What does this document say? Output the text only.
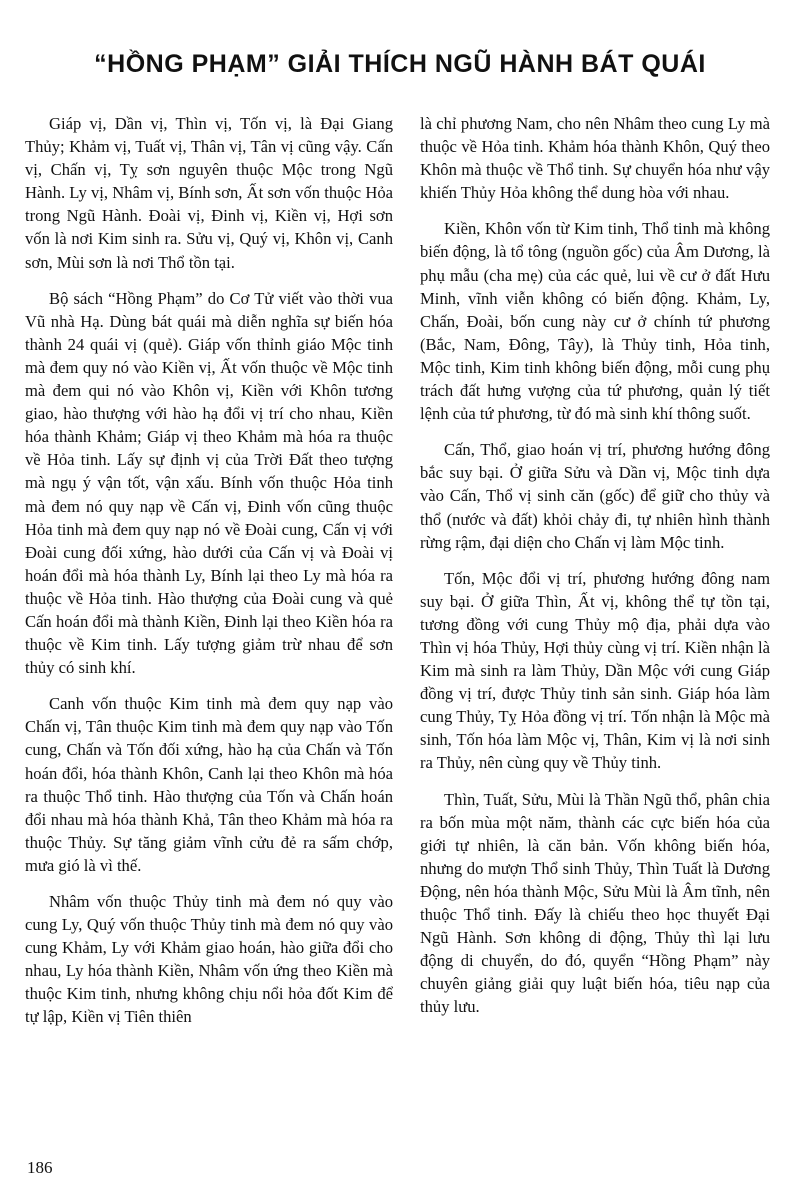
“HỒNG PHẠM” GIẢI THÍCH NGŨ HÀNH BÁT QUÁI

Giáp vị, Dần vị, Thìn vị, Tốn vị, là Đại Giang Thủy; Khảm vị, Tuất vị, Thân vị, Tân vị cũng vậy. Cấn vị, Chấn vị, Tỵ sơn nguyên thuộc Mộc trong Ngũ Hành. Ly vị, Nhâm vị, Bính sơn, Ất sơn vốn thuộc Hỏa trong Ngũ Hành. Đoài vị, Đinh vị, Kiền vị, Hợi sơn vốn là nơi Kim sinh ra. Sửu vị, Quý vị, Khôn vị, Canh sơn, Mùi sơn là nơi Thổ tồn tại.

Bộ sách “Hồng Phạm” do Cơ Tử viết vào thời vua Vũ nhà Hạ. Dùng bát quái mà diễn nghĩa sự biến hóa thành 24 quái vị (quẻ). Giáp vốn thỉnh giáo Mộc tinh mà đem quy nó vào Kiền vị, Ất vốn thuộc về Mộc tinh mà đem qui nó vào Khôn vị, Kiền với Khôn tương giao, hào thượng với hào hạ đổi vị trí cho nhau, Kiền hóa thành Khảm; Giáp vị theo Khảm mà hóa ra thuộc về Hỏa tinh. Lấy sự định vị của Trời Đất theo tượng mà ngụ ý vận tốt, vận xấu. Bính vốn thuộc Hỏa tinh mà đem nó quy nạp về Cấn vị, Đinh vốn cũng thuộc Hỏa tinh mà đem quy nạp nó về Đoài cung, Cấn vị với Đoài cung đối xứng, hào dưới của Cấn vị và Đoài vị hoán đổi mà hóa thành Ly, Bính lại theo Ly mà hóa ra thuộc về Hỏa tinh. Hào thượng của Đoài cung và quẻ Cấn hoán đổi mà thành Kiền, Đinh lại theo Kiền hóa ra thuộc về Kim tinh. Lấy tượng giảm trừ nhau để sơn thủy có sinh khí.

Canh vốn thuộc Kim tinh mà đem quy nạp vào Chấn vị, Tân thuộc Kim tinh mà đem quy nạp vào Tốn cung, Chấn và Tốn đối xứng, hào hạ của Chấn và Tốn hoán đổi, hóa thành Khôn, Canh lại theo Khôn mà hóa ra thuộc Thổ tinh. Hào thượng của Tốn và Chấn hoán đổi nhau mà hóa thành Khả, Tân theo Khảm mà hóa ra thuộc Thủy. Sự tăng giảm vĩnh cửu đẻ ra sấm chớp, mưa gió là vì thế.

Nhâm vốn thuộc Thủy tinh mà đem nó quy vào cung Ly, Quý vốn thuộc Thủy tinh mà đem nó quy vào cung Khảm, Ly với Khảm giao hoán, hào giữa đổi cho nhau, Ly hóa thành Kiền, Nhâm vốn ứng theo Kiền mà thuộc Kim tinh, nhưng không chịu nổi hỏa đốt Kim để tự lập, Kiền vị Tiên thiên

là chỉ phương Nam, cho nên Nhâm theo cung Ly mà thuộc về Hỏa tinh. Khảm hóa thành Khôn, Quý theo Khôn mà thuộc về Thổ tinh. Sự chuyển hóa như vậy khiến Thủy Hỏa không thể dung hòa với nhau.

Kiền, Khôn vốn từ Kim tinh, Thổ tinh mà không biến động, là tổ tông (nguồn gốc) của Âm Dương, là phụ mẫu (cha mẹ) của các quẻ, lui về cư ở đất Hưu Minh, vĩnh viễn không có biến động. Khảm, Ly, Chấn, Đoài, bốn cung này cư ở chính tứ phương (Bắc, Nam, Đông, Tây), là Thủy tinh, Hỏa tinh, Mộc tinh, Kim tinh không biến động, mỗi cung phụ trách đất hưng vượng của tứ phương, quản lý tiết lệnh của tứ phương, từ đó mà sinh khí thông suốt.

Cấn, Thổ, giao hoán vị trí, phương hướng đông bắc suy bại. Ở giữa Sửu và Dần vị, Mộc tinh dựa vào Cấn, Thổ vị sinh căn (gốc) để giữ cho thủy và thổ (nước và đất) khỏi chảy đi, tự nhiên hình thành rừng rậm, đại diện cho Chấn vị làm Mộc tinh.

Tốn, Mộc đổi vị trí, phương hướng đông nam suy bại. Ở giữa Thìn, Ất vị, không thể tự tồn tại, tương đồng với cung Thủy mộ địa, phải dựa vào Thìn vị hóa Thủy, Hợi thủy cùng vị trí. Kiền nhận là Kim mà sinh ra làm Thủy, Dần Mộc với cung Giáp đồng vị trí, được Thủy tinh sản sinh. Giáp hóa làm cung Thủy, Tỵ Hỏa đồng vị trí. Tốn nhận là Mộc mà sinh, Tốn hóa làm Mộc vị, Thân, Kim vị là nơi sinh ra Thủy, nên cùng quy về Thủy tinh.

Thìn, Tuất, Sửu, Mùi là Thần Ngũ thổ, phân chia ra bốn mùa một năm, thành các cực biến hóa của giới tự nhiên, là căn bản. Vốn không biến hóa, nhưng do mượn Thổ sinh Thủy, Thìn Tuất là Dương Động, nên hóa thành Mộc, Sửu Mùi là Âm tĩnh, nên thuộc Thổ tinh. Đấy là chiếu theo học thuyết Đại Ngũ Hành. Sơn không di động, Thủy thì lại lưu động di chuyển, do đó, quyển “Hồng Phạm” này chuyên giảng giải quy luật biến hóa, tiêu nạp của thủy lưu.

186
